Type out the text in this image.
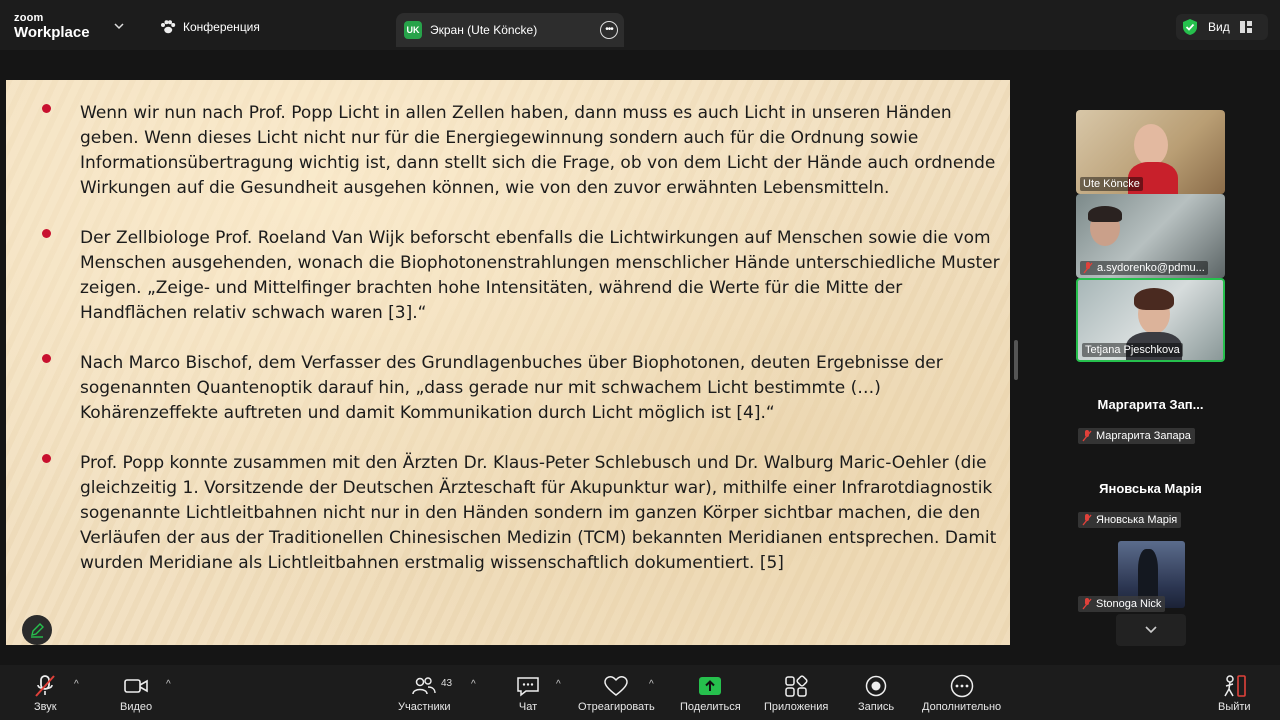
zoom
Workplace	Конференция	UK Экран (Ute Köncke)	•••	Вид
Wenn wir nun nach Prof. Popp Licht in allen Zellen haben, dann muss es auch Licht in unseren Händen geben. Wenn dieses Licht nicht nur für die Energiegewinnung sondern auch für die Ordnung sowie Informationsübertragung wichtig ist, dann stellt sich die Frage, ob von dem Licht der Hände auch ordnende Wirkungen auf die Gesundheit ausgehen können, wie von den zuvor erwähnten Lebensmitteln.
Der Zellbiologe Prof. Roeland Van Wijk beforscht ebenfalls die Lichtwirkungen auf Menschen sowie die vom Menschen ausgehenden, wonach die Biophotonenstrahlungen menschlicher Hände unterschiedliche Muster zeigen. „Zeige- und Mittelfinger brachten hohe Intensitäten, während die Werte für die Mitte der Handflächen relativ schwach waren [3].“
Nach Marco Bischof, dem Verfasser des Grundlagenbuches über Biophotonen, deuten Ergebnisse der sogenannten Quantenoptik darauf hin, „dass gerade nur mit schwachem Licht bestimmte (…) Kohärenzeffekte auftreten und damit Kommunikation durch Licht möglich ist [4].“
Prof. Popp konnte zusammen mit den Ärzten Dr. Klaus-Peter Schlebusch und Dr. Walburg Maric-Oehler (die gleichzeitig 1. Vorsitzende der Deutschen Ärzteschaft für Akupunktur war), mithilfe einer Infrarotdiagnostik sogenannte Lichtleitbahnen nicht nur in den Händen sondern im ganzen Körper sichtbar machen, die den Verläufen der aus der Traditionellen Chinesischen Medizin (TCM) bekannten Meridianen entsprechen. Damit wurden Meridiane als Lichtleitbahnen erstmalig wissenschaftlich dokumentiert. [5]
Ute Köncke
a.sydorenko@pdmu...
Tetjana Pjeschkova
Маргарита Зап...
Маргарита Запара
Яновська Марія
Яновська Марія
Stonoga Nick
Звук
^
Видео
^
Участники
43 ^
Чат
^
Отреагировать
^
Поделиться Приложения	Запись	Дополнительно	Выйти
